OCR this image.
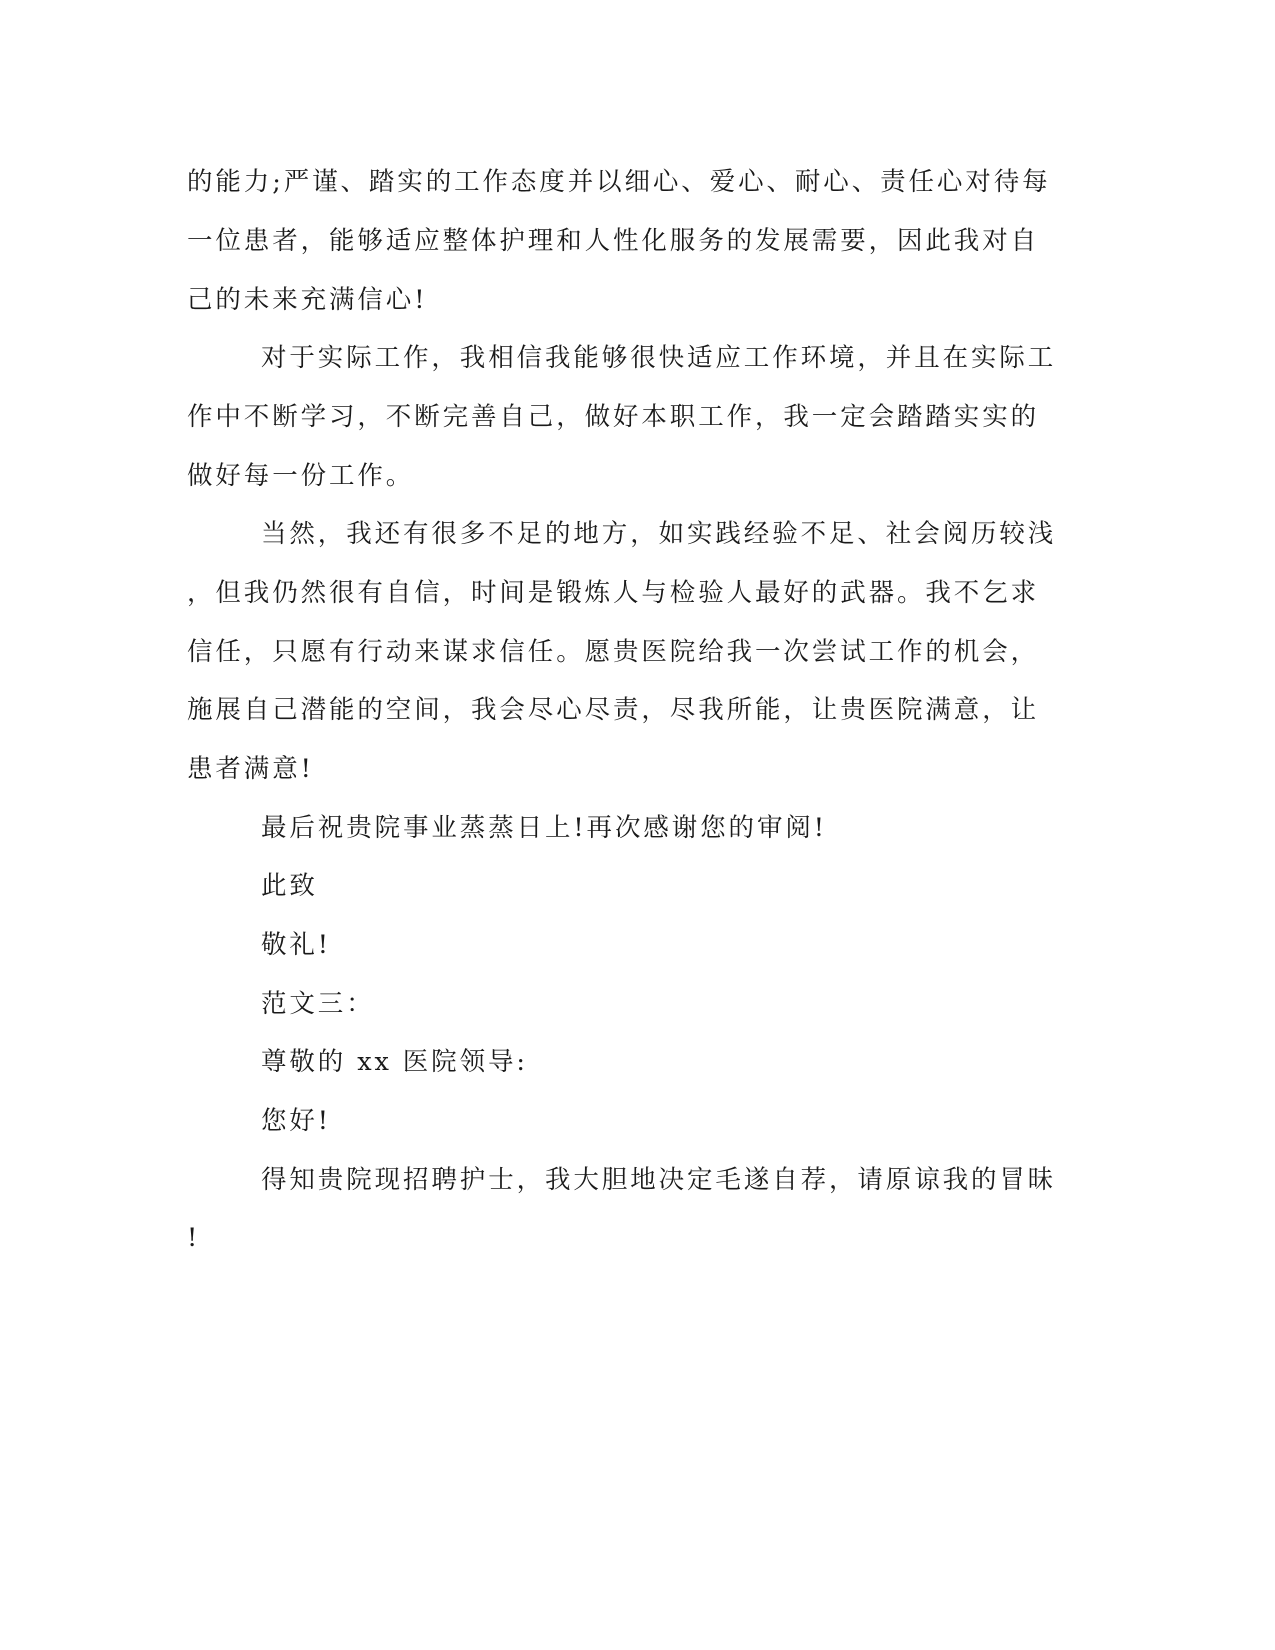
的能力;严谨、踏实的工作态度并以细心、爱心、耐心、责任心对待每
一位患者，能够适应整体护理和人性化服务的发展需要，因此我对自
己的未来充满信心!
对于实际工作，我相信我能够很快适应工作环境，并且在实际工
作中不断学习，不断完善自己，做好本职工作，我一定会踏踏实实的
做好每一份工作。
当然，我还有很多不足的地方，如实践经验不足、社会阅历较浅
，但我仍然很有自信，时间是锻炼人与检验人最好的武器。我不乞求
信任，只愿有行动来谋求信任。愿贵医院给我一次尝试工作的机会，
施展自己潜能的空间，我会尽心尽责，尽我所能，让贵医院满意，让
患者满意!
最后祝贵院事业蒸蒸日上!再次感谢您的审阅!
此致
敬礼!
范文三：
尊敬的 xx 医院领导:
您好!
得知贵院现招聘护士，我大胆地决定毛遂自荐，请原谅我的冒昧
!
